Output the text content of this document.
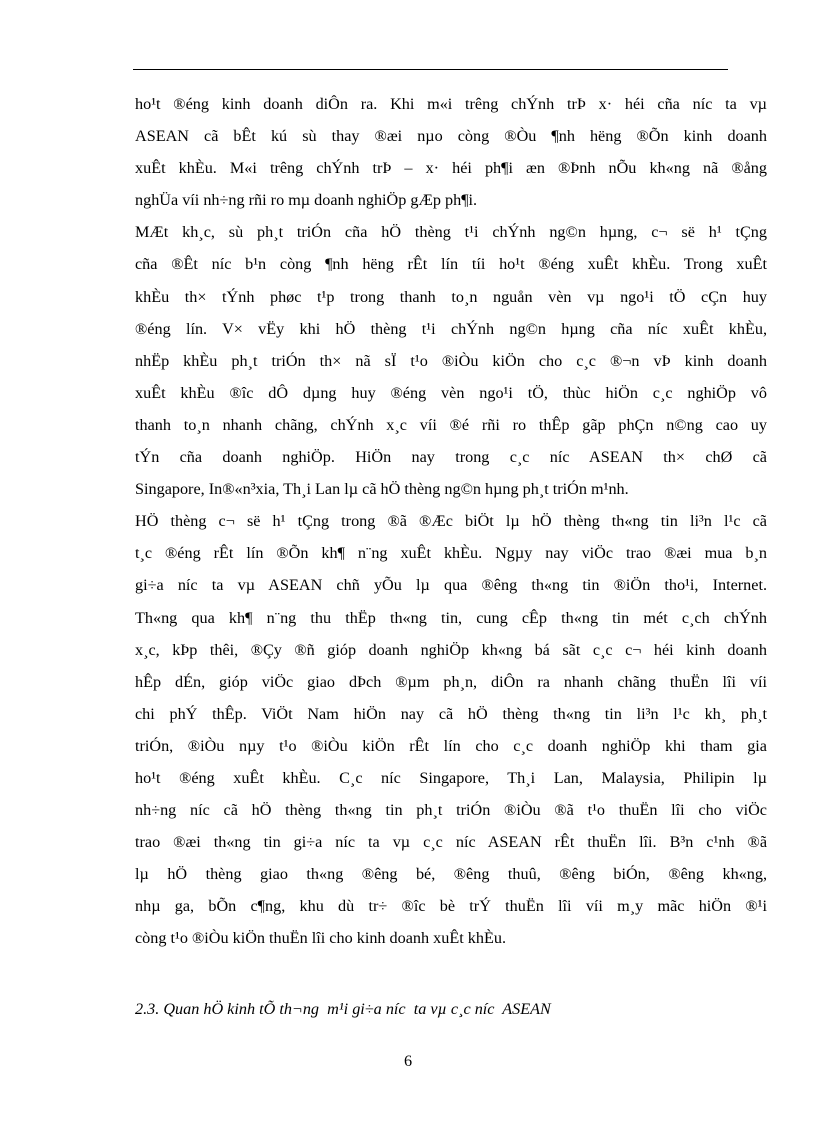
ho¹t ®éng kinh doanh diÔn ra. Khi m«i trêng chÝnh trÞ x· héi cña níc ta vµ
ASEAN cã bÊt kú sù thay ®æi nµo còng ®Òu ¶nh hëng ®Õn kinh doanh
xuÊt khÈu. M«i trêng chÝnh trÞ – x· héi ph¶i æn ®Þnh nÕu kh«ng nã ®ång
nghÜa víi nh÷ng rñi ro mµ doanh nghiÖp gÆp ph¶i.
MÆt kh¸c, sù ph¸t triÓn cña hÖ thèng t¹i chÝnh ng©n hµng, c¬ së h¹ tÇng
cña ®Êt níc b¹n còng ¶nh hëng rÊt lín tíi ho¹t ®éng xuÊt khÈu. Trong xuÊt
khÈu th× tÝnh phøc t¹p trong thanh to¸n nguån vèn vµ ngo¹i tÖ cÇn huy
®éng lín. V× vËy khi hÖ thèng t¹i chÝnh ng©n hµng cña níc xuÊt khÈu,
nhËp khÈu ph¸t triÓn th× nã sÏ t¹o ®iÒu kiÖn cho c¸c ®¬n vÞ kinh doanh
xuÊt khÈu ®îc dÔ dµng huy ®éng vèn ngo¹i tÖ, thùc hiÖn c¸c nghiÖp vô
thanh to¸n nhanh chãng, chÝnh x¸c víi ®é rñi ro thÊp gãp phÇn n©ng cao uy
tÝn cña doanh nghiÖp. HiÖn nay trong c¸c níc ASEAN th× chØ cã
Singapore, In®«n³xia, Th¸i Lan lµ cã hÖ thèng ng©n hµng ph¸t triÓn m¹nh.
HÖ thèng c¬ së h¹ tÇng trong ®ã ®Æc biÖt lµ hÖ thèng th«ng tin li³n l¹c cã
t¸c ®éng rÊt lín ®Õn kh¶ n¨ng xuÊt khÈu. Ngµy nay viÖc trao ®æi mua b¸n
gi÷a níc ta vµ ASEAN chñ yÕu lµ qua ®êng th«ng tin ®iÖn tho¹i, Internet.
Th«ng qua kh¶ n¨ng thu thËp th«ng tin, cung cÊp th«ng tin mét c¸ch chÝnh
x¸c, kÞp thêi, ®Çy ®ñ gióp doanh nghiÖp kh«ng bá sãt c¸c c¬ héi kinh doanh
hÊp dÉn, gióp viÖc giao dÞch ®µm ph¸n, diÔn ra nhanh chãng thuËn lîi víi
chi phÝ thÊp. ViÖt Nam hiÖn nay cã hÖ thèng th«ng tin li³n l¹c kh¸ ph¸t
triÓn, ®iÒu nµy t¹o ®iÒu kiÖn rÊt lín cho c¸c doanh nghiÖp khi tham gia
ho¹t ®éng xuÊt khÈu. C¸c níc Singapore, Th¸i Lan, Malaysia, Philipin lµ
nh÷ng níc cã hÖ thèng th«ng tin ph¸t triÓn ®iÒu ®ã t¹o thuËn lîi cho viÖc
trao ®æi th«ng tin gi÷a níc ta vµ c¸c níc ASEAN rÊt thuËn lîi. B³n c¹nh ®ã
lµ hÖ thèng giao th«ng ®êng bé, ®êng thuû, ®êng biÓn, ®êng kh«ng,
nhµ ga, bÕn c¶ng, khu dù tr÷ ®îc bè trÝ thuËn lîi víi m¸y mãc hiÖn ®¹i
còng t¹o ®iÒu kiÖn thuËn lîi cho kinh doanh xuÊt khÈu.
2.3. Quan hÖ kinh tÕ th¬ng  m¹i gi÷a níc  ta vµ c¸c níc  ASEAN
6
